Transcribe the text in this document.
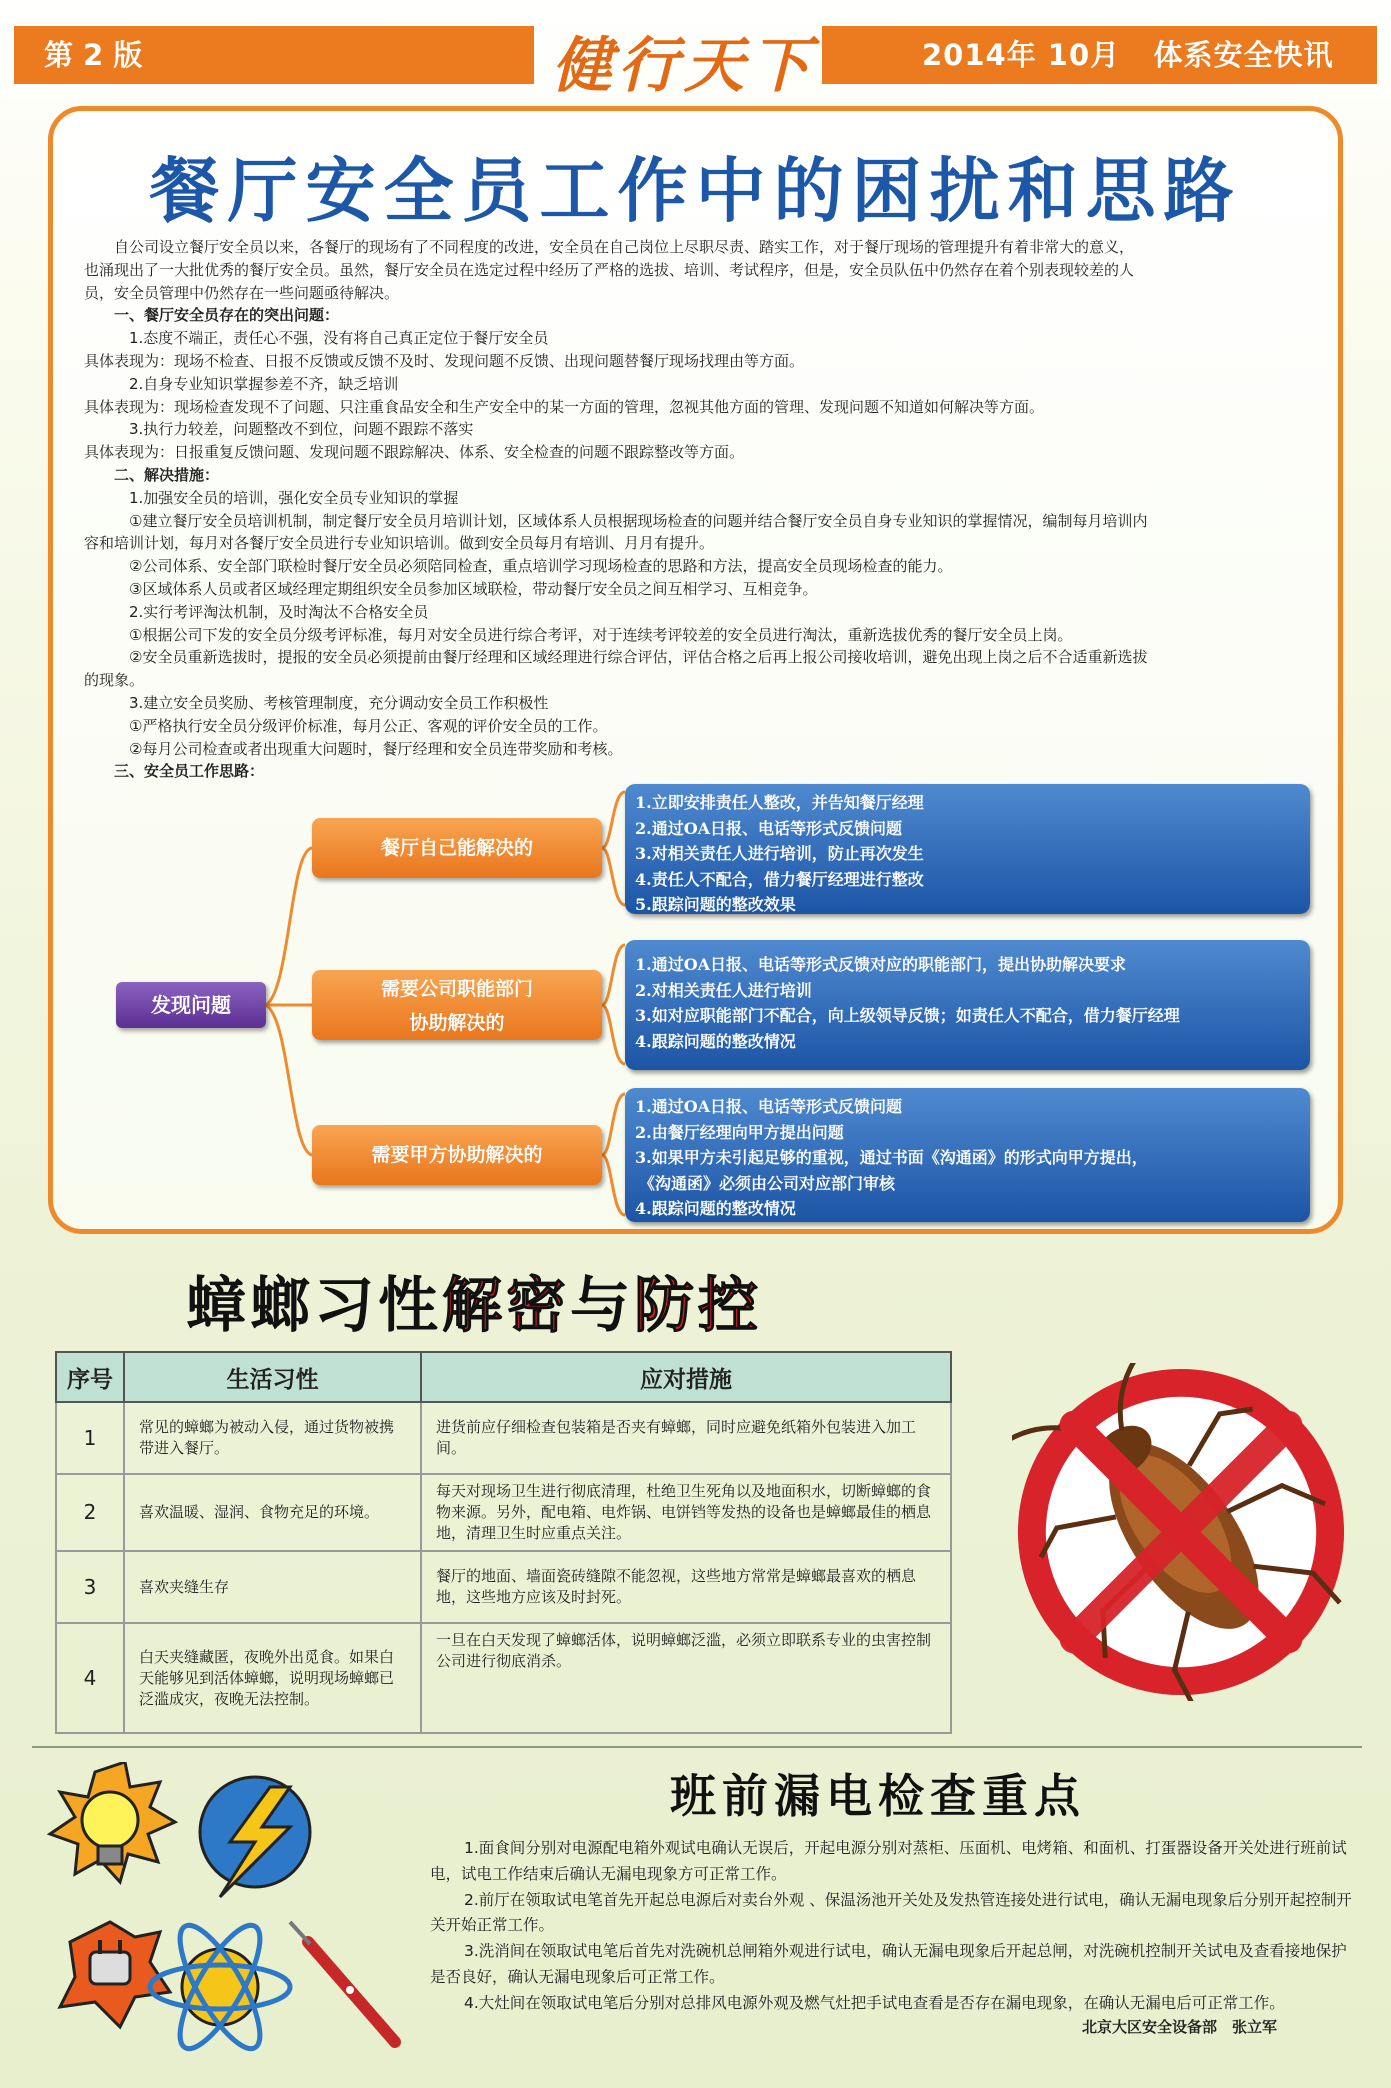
第 2 版	健行天下	2014年 10月 体系安全快讯
餐厅安全员工作中的困扰和思路

　　自公司设立餐厅安全员以来，各餐厅的现场有了不同程度的改进，安全员在自己岗位上尽职尽责、踏实工作，对于餐厅现场的管理提升有着非常大的意义，

也涌现出了一大批优秀的餐厅安全员。虽然，餐厅安全员在选定过程中经历了严格的选拔、培训、考试程序，但是，安全员队伍中仍然存在着个别表现较差的人

员，安全员管理中仍然存在一些问题亟待解决。

　　一、餐厅安全员存在的突出问题：

　　　1.态度不端正，责任心不强，没有将自己真正定位于餐厅安全员

具体表现为：现场不检查、日报不反馈或反馈不及时、发现问题不反馈、出现问题替餐厅现场找理由等方面。

　　　2.自身专业知识掌握参差不齐，缺乏培训

具体表现为：现场检查发现不了问题、只注重食品安全和生产安全中的某一方面的管理，忽视其他方面的管理、发现问题不知道如何解决等方面。

　　　3.执行力较差，问题整改不到位，问题不跟踪不落实

具体表现为：日报重复反馈问题、发现问题不跟踪解决、体系、安全检查的问题不跟踪整改等方面。

　　二、解决措施：

　　　1.加强安全员的培训，强化安全员专业知识的掌握

　　　①建立餐厅安全员培训机制，制定餐厅安全员月培训计划，区域体系人员根据现场检查的问题并结合餐厅安全员自身专业知识的掌握情况，编制每月培训内

容和培训计划，每月对各餐厅安全员进行专业知识培训。做到安全员每月有培训、月月有提升。

　　　②公司体系、安全部门联检时餐厅安全员必须陪同检查，重点培训学习现场检查的思路和方法，提高安全员现场检查的能力。

　　　③区域体系人员或者区域经理定期组织安全员参加区域联检，带动餐厅安全员之间互相学习、互相竞争。

　　　2.实行考评淘汰机制，及时淘汰不合格安全员

　　　①根据公司下发的安全员分级考评标准，每月对安全员进行综合考评，对于连续考评较差的安全员进行淘汰，重新选拔优秀的餐厅安全员上岗。

　　　②安全员重新选拔时，提报的安全员必须提前由餐厅经理和区域经理进行综合评估，评估合格之后再上报公司接收培训，避免出现上岗之后不合适重新选拔

的现象。

　　　3.建立安全员奖励、考核管理制度，充分调动安全员工作积极性

　　　①严格执行安全员分级评价标准，每月公正、客观的评价安全员的工作。

　　　②每月公司检查或者出现重大问题时，餐厅经理和安全员连带奖励和考核。

　　三、安全员工作思路：

发现问题
餐厅自己能解决的
需要公司职能部门
协助解决的
需要甲方协助解决的
1.立即安排责任人整改，并告知餐厅经理
2.通过OA日报、电话等形式反馈问题
3.对相关责任人进行培训，防止再次发生
4.责任人不配合，借力餐厅经理进行整改
5.跟踪问题的整改效果
1.通过OA日报、电话等形式反馈对应的职能部门，提出协助解决要求
2.对相关责任人进行培训
3.如对应职能部门不配合，向上级领导反馈；如责任人不配合，借力餐厅经理
4.跟踪问题的整改情况
1.通过OA日报、电话等形式反馈问题
2.由餐厅经理向甲方提出问题
3.如果甲方未引起足够的重视，通过书面《沟通函》的形式向甲方提出，
《沟通函》必须由公司对应部门审核
4.跟踪问题的整改情况
蟑螂习性解密与防控
序号	生活习性	应对措施
1	常见的蟑螂为被动入侵，通过货物被携带进入餐厅。	进货前应仔细检查包装箱是否夹有蟑螂，同时应避免纸箱外包装进入加工间。
2	喜欢温暖、湿润、食物充足的环境。	每天对现场卫生进行彻底清理，杜绝卫生死角以及地面积水，切断蟑螂的食物来源。另外，配电箱、电炸锅、电饼铛等发热的设备也是蟑螂最佳的栖息地，清理卫生时应重点关注。
3	喜欢夹缝生存	餐厅的地面、墙面瓷砖缝隙不能忽视，这些地方常常是蟑螂最喜欢的栖息地，这些地方应该及时封死。
4	白天夹缝藏匿，夜晚外出觅食。如果白天能够见到活体蟑螂，说明现场蟑螂已泛滥成灾，夜晚无法控制。	一旦在白天发现了蟑螂活体，说明蟑螂泛滥，必须立即联系专业的虫害控制公司进行彻底消杀。
班前漏电检查重点

1.面食间分别对电源配电箱外观试电确认无误后，开起电源分别对蒸柜、压面机、电烤箱、和面机、打蛋器设备开关处进行班前试电，试电工作结束后确认无漏电现象方可正常工作。

2.前厅在领取试电笔首先开起总电源后对卖台外观 、保温汤池开关处及发热管连接处进行试电，确认无漏电现象后分别开起控制开关开始正常工作。

3.洗消间在领取试电笔后首先对洗碗机总闸箱外观进行试电，确认无漏电现象后开起总闸，对洗碗机控制开关试电及查看接地保护是否良好，确认无漏电现象后可正常工作。

4.大灶间在领取试电笔后分别对总排风电源外观及燃气灶把手试电查看是否存在漏电现象，在确认无漏电后可正常工作。

北京大区安全设备部　张立军
